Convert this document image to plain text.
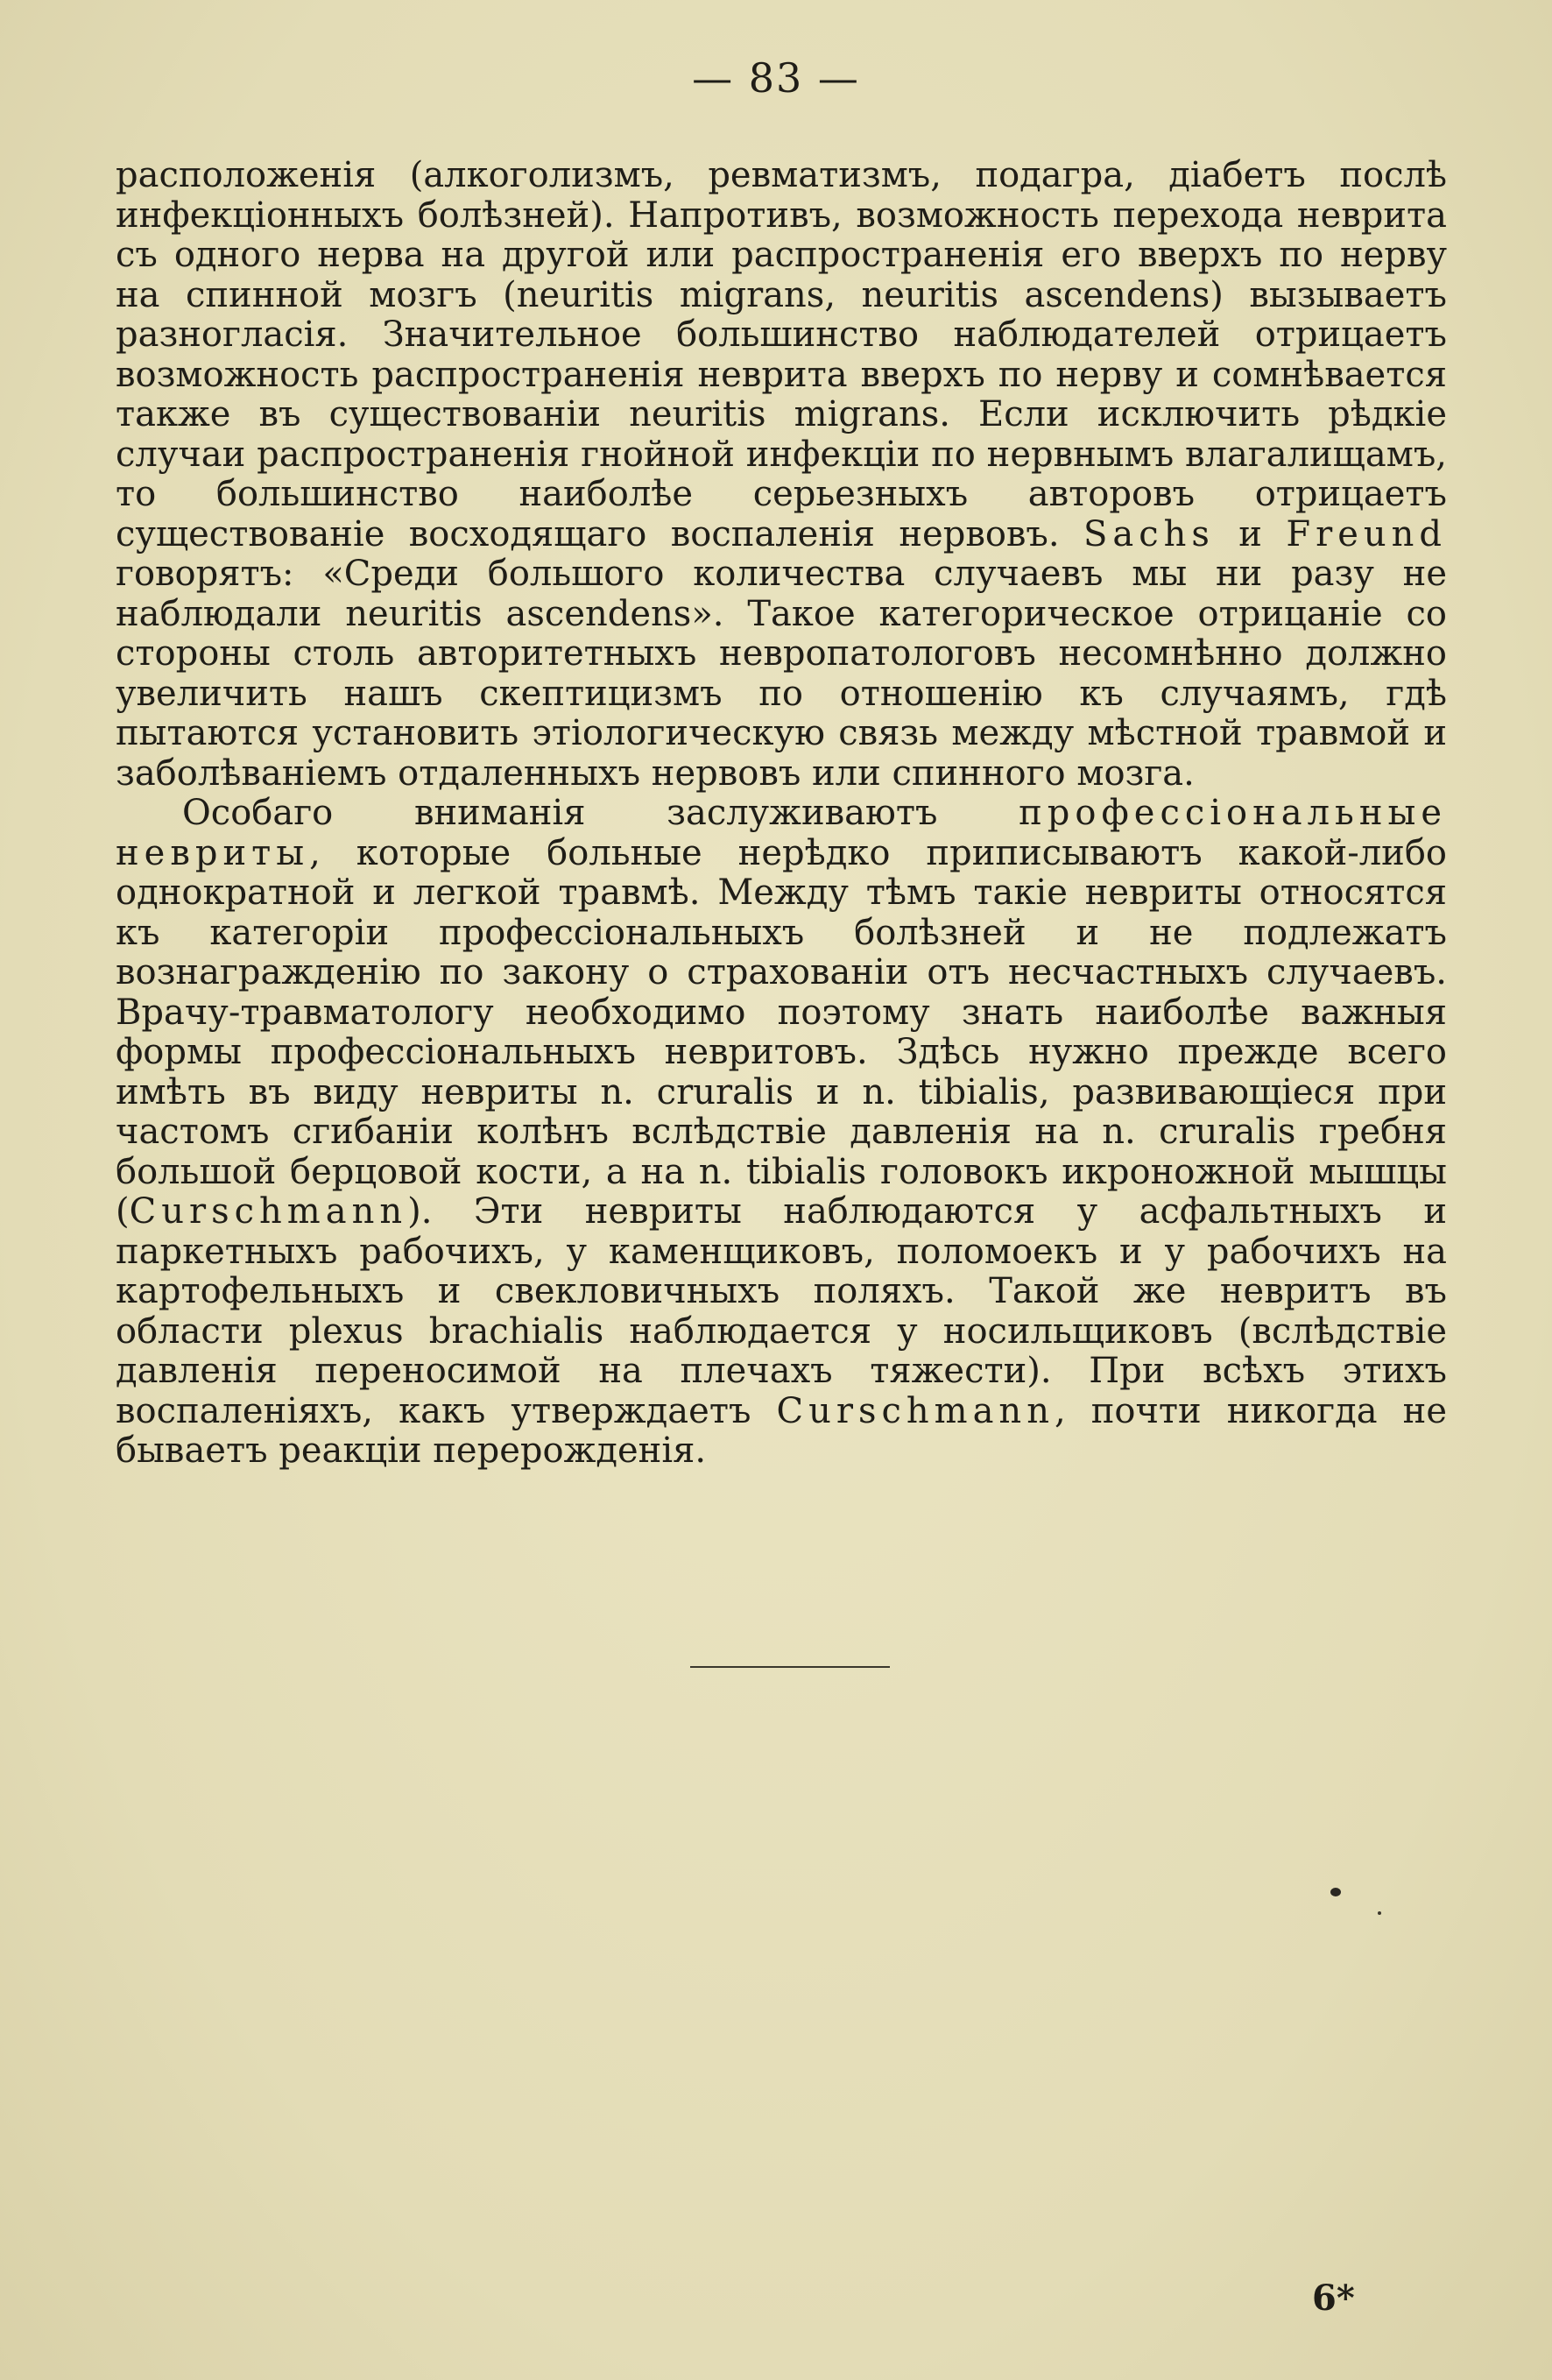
— 83 —

расположенія (алкоголизмъ, ревматизмъ, подагра, діабетъ послѣ инфекціонныхъ болѣзней). Напротивъ, возможность перехода неврита съ одного нерва на другой или распространенія его вверхъ по нерву на спинной мозгъ (neuritis migrans, neuritis ascendens) вызываетъ разногласія. Значительное большинство наблюдателей отрицаетъ возможность распространенія неврита вверхъ по нерву и сомнѣвается также въ существованіи neuritis migrans. Если исключить рѣдкіе случаи распространенія гнойной инфекціи по нервнымъ влагалищамъ, то большинство наиболѣе серьезныхъ авторовъ отрицаетъ существованіе восходящаго воспаленія нервовъ. Sachs и Freund говорятъ: «Среди большого количества случаевъ мы ни разу не наблюдали neuritis ascendens». Такое категорическое отрицаніе со стороны столь авторитетныхъ невропатологовъ несомнѣнно должно увеличить нашъ скептицизмъ по отношенію къ случаямъ, гдѣ пытаются установить этіологическую связь между мѣстной травмой и заболѣваніемъ отдаленныхъ нервовъ или спинного мозга.

Особаго вниманія заслуживаютъ профессіональные невриты, которые больные нерѣдко приписываютъ какой-либо однократной и легкой травмѣ. Между тѣмъ такіе невриты относятся къ категоріи профессіональныхъ болѣзней и не подлежатъ вознагражденію по закону о страхованіи отъ несчастныхъ случаевъ. Врачу-травматологу необходимо поэтому знать наиболѣе важныя формы профессіональныхъ невритовъ. Здѣсь нужно прежде всего имѣть въ виду невриты n. cruralis и n. tibialis, развивающіеся при частомъ сгибаніи колѣнъ вслѣдствіе давленія на n. cruralis гребня большой берцовой кости, а на n. tibialis головокъ икроножной мышцы (Curschmann). Эти невриты наблюдаются у асфальтныхъ и паркетныхъ рабочихъ, у каменщиковъ, поломоекъ и у рабочихъ на картофельныхъ и свекловичныхъ поляхъ. Такой же невритъ въ области plexus brachialis наблюдается у носильщиковъ (вслѣдствіе давленія переносимой на плечахъ тяжести). При всѣхъ этихъ воспаленіяхъ, какъ утверждаетъ Curschmann, почти никогда не бываетъ реакціи перерожденія.

6*
